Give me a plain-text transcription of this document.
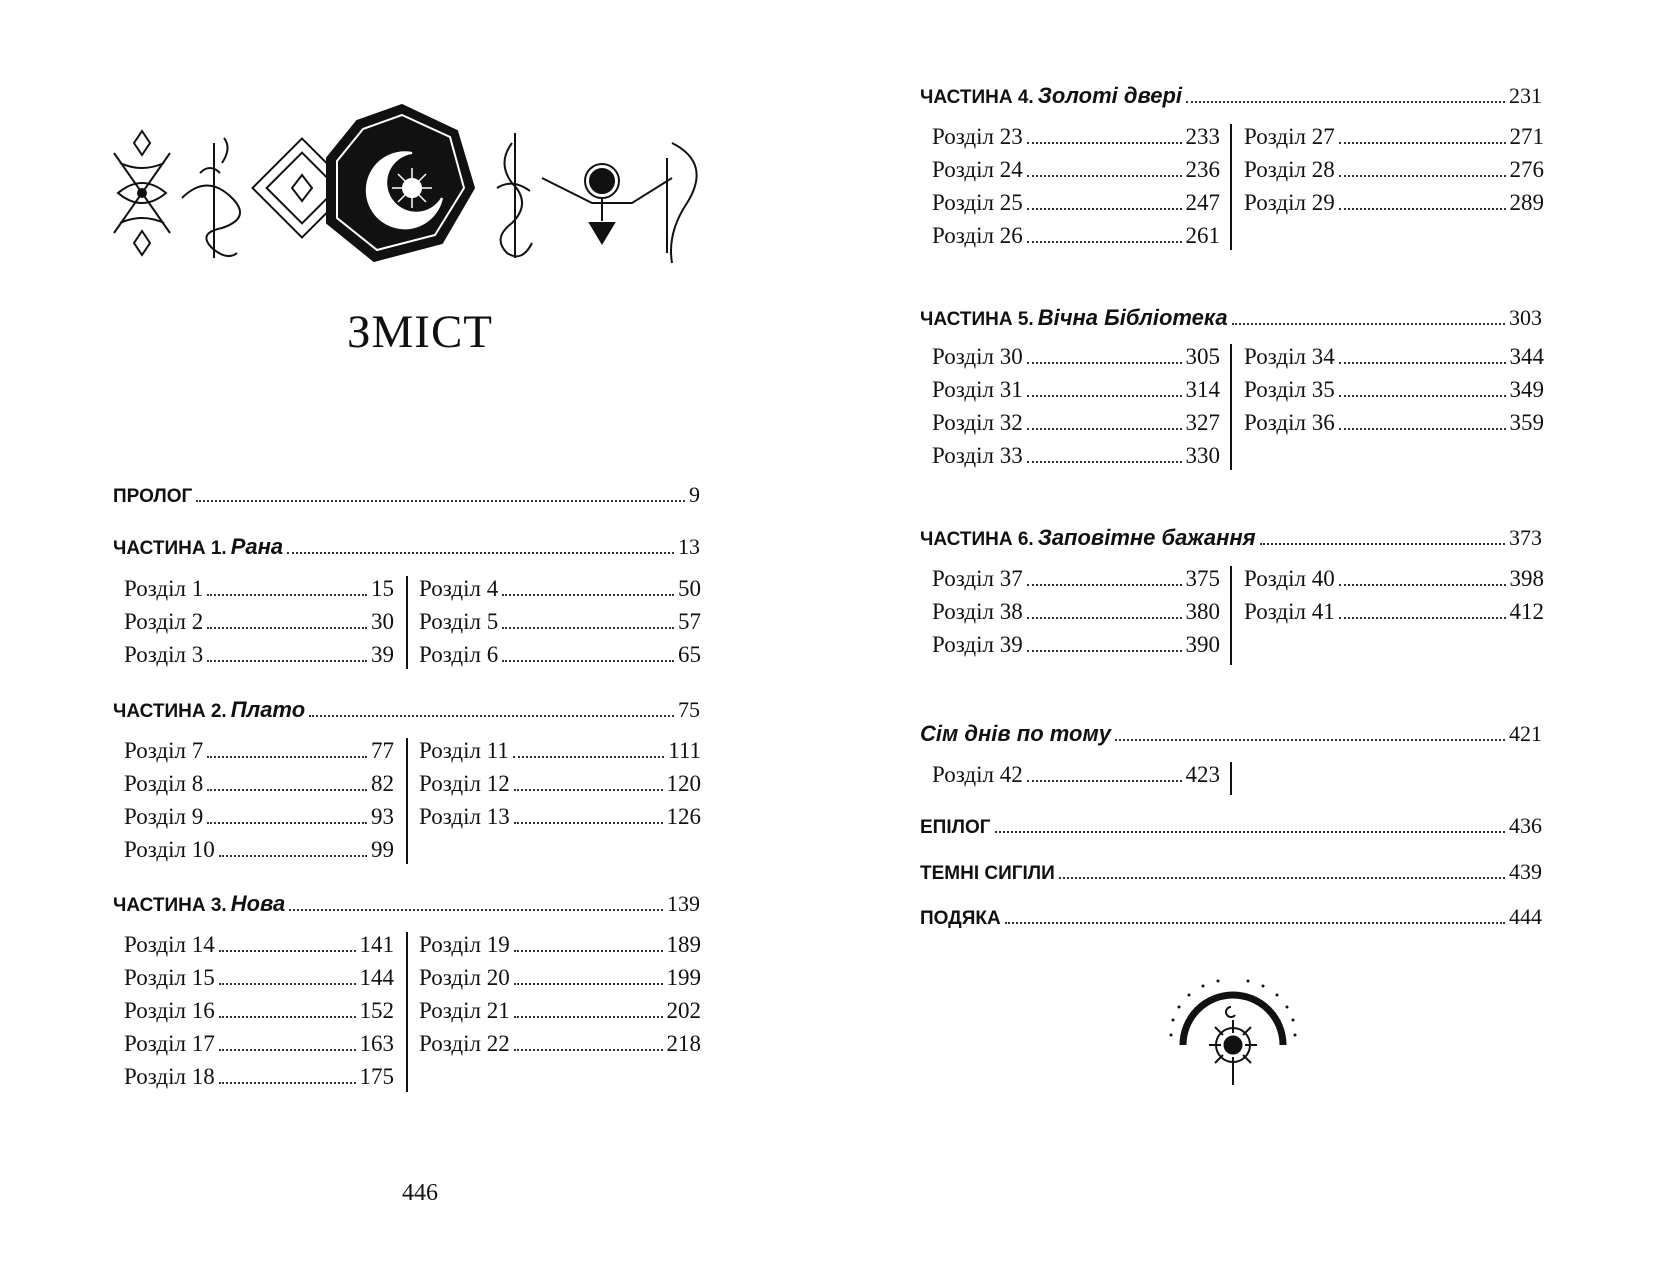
ЗМІСТ
ПРОЛОГ	9
ЧАСТИНА 1.
Рана	13
Розділ 1	15
Розділ 2	30
Розділ 3	39
Розділ 4	50
Розділ 5	57
Розділ 6	65
ЧАСТИНА 2.
Плато	75
Розділ 7	77
Розділ 8	82
Розділ 9	93
Розділ 10	99
Розділ 11	111
Розділ 12	120
Розділ 13	126
ЧАСТИНА 3.
Нова	139
Розділ 14	141
Розділ 15	144
Розділ 16	152
Розділ 17	163
Розділ 18	175
Розділ 19	189
Розділ 20	199
Розділ 21	202
Розділ 22	218
446
ЧАСТИНА 4.
Золоті двері	231
Розділ 23	233
Розділ 24	236
Розділ 25	247
Розділ 26	261
Розділ 27	271
Розділ 28	276
Розділ 29	289
ЧАСТИНА 5.
Вічна Бібліотека	303
Розділ 30	305
Розділ 31	314
Розділ 32	327
Розділ 33	330
Розділ 34	344
Розділ 35	349
Розділ 36	359
ЧАСТИНА 6.
Заповітне бажання	373
Розділ 37	375
Розділ 38	380
Розділ 39	390
Розділ 40	398
Розділ 41	412
Сім днів по тому	421
Розділ 42	423
ЕПІЛОГ	436
ТЕМНІ СИГІЛИ	439
ПОДЯКА	444
